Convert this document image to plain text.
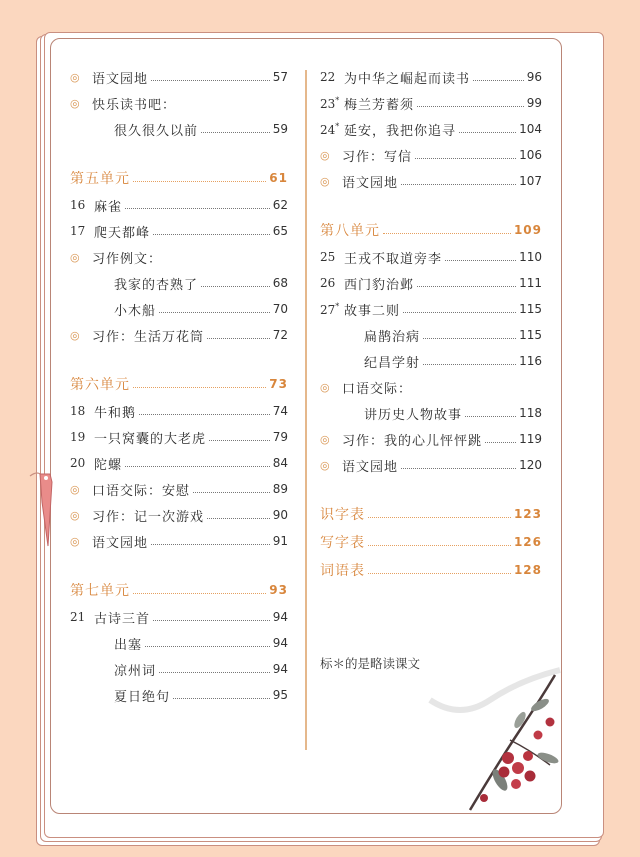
◎ 语文园地	57
◎ 快乐读书吧：
很久很久以前	59
第五单元	61
16 麻雀	62
17 爬天都峰	65
◎ 习作例文：
我家的杏熟了	68
小木船	70
◎ 习作：生活万花筒	72
第六单元	73
18 牛和鹅	74
19 一只窝囊的大老虎	79
20 陀螺	84
◎ 口语交际：安慰	89
◎ 习作：记一次游戏	90
◎ 语文园地	91
第七单元	93
21 古诗三首	94
出塞	94
凉州词	94
夏日绝句	95
22 为中华之崛起而读书	96
23* 梅兰芳蓄须	99
24* 延安，我把你追寻	104
◎ 习作：写信	106
◎ 语文园地	107
第八单元	109
25 王戎不取道旁李	110
26 西门豹治邺	111
27* 故事二则	115
扁鹊治病	115
纪昌学射	116
◎ 口语交际：
讲历史人物故事	118
◎ 习作：我的心儿怦怦跳	119
◎ 语文园地	120
识字表	123
写字表	126
词语表	128
标＊的是略读课文
